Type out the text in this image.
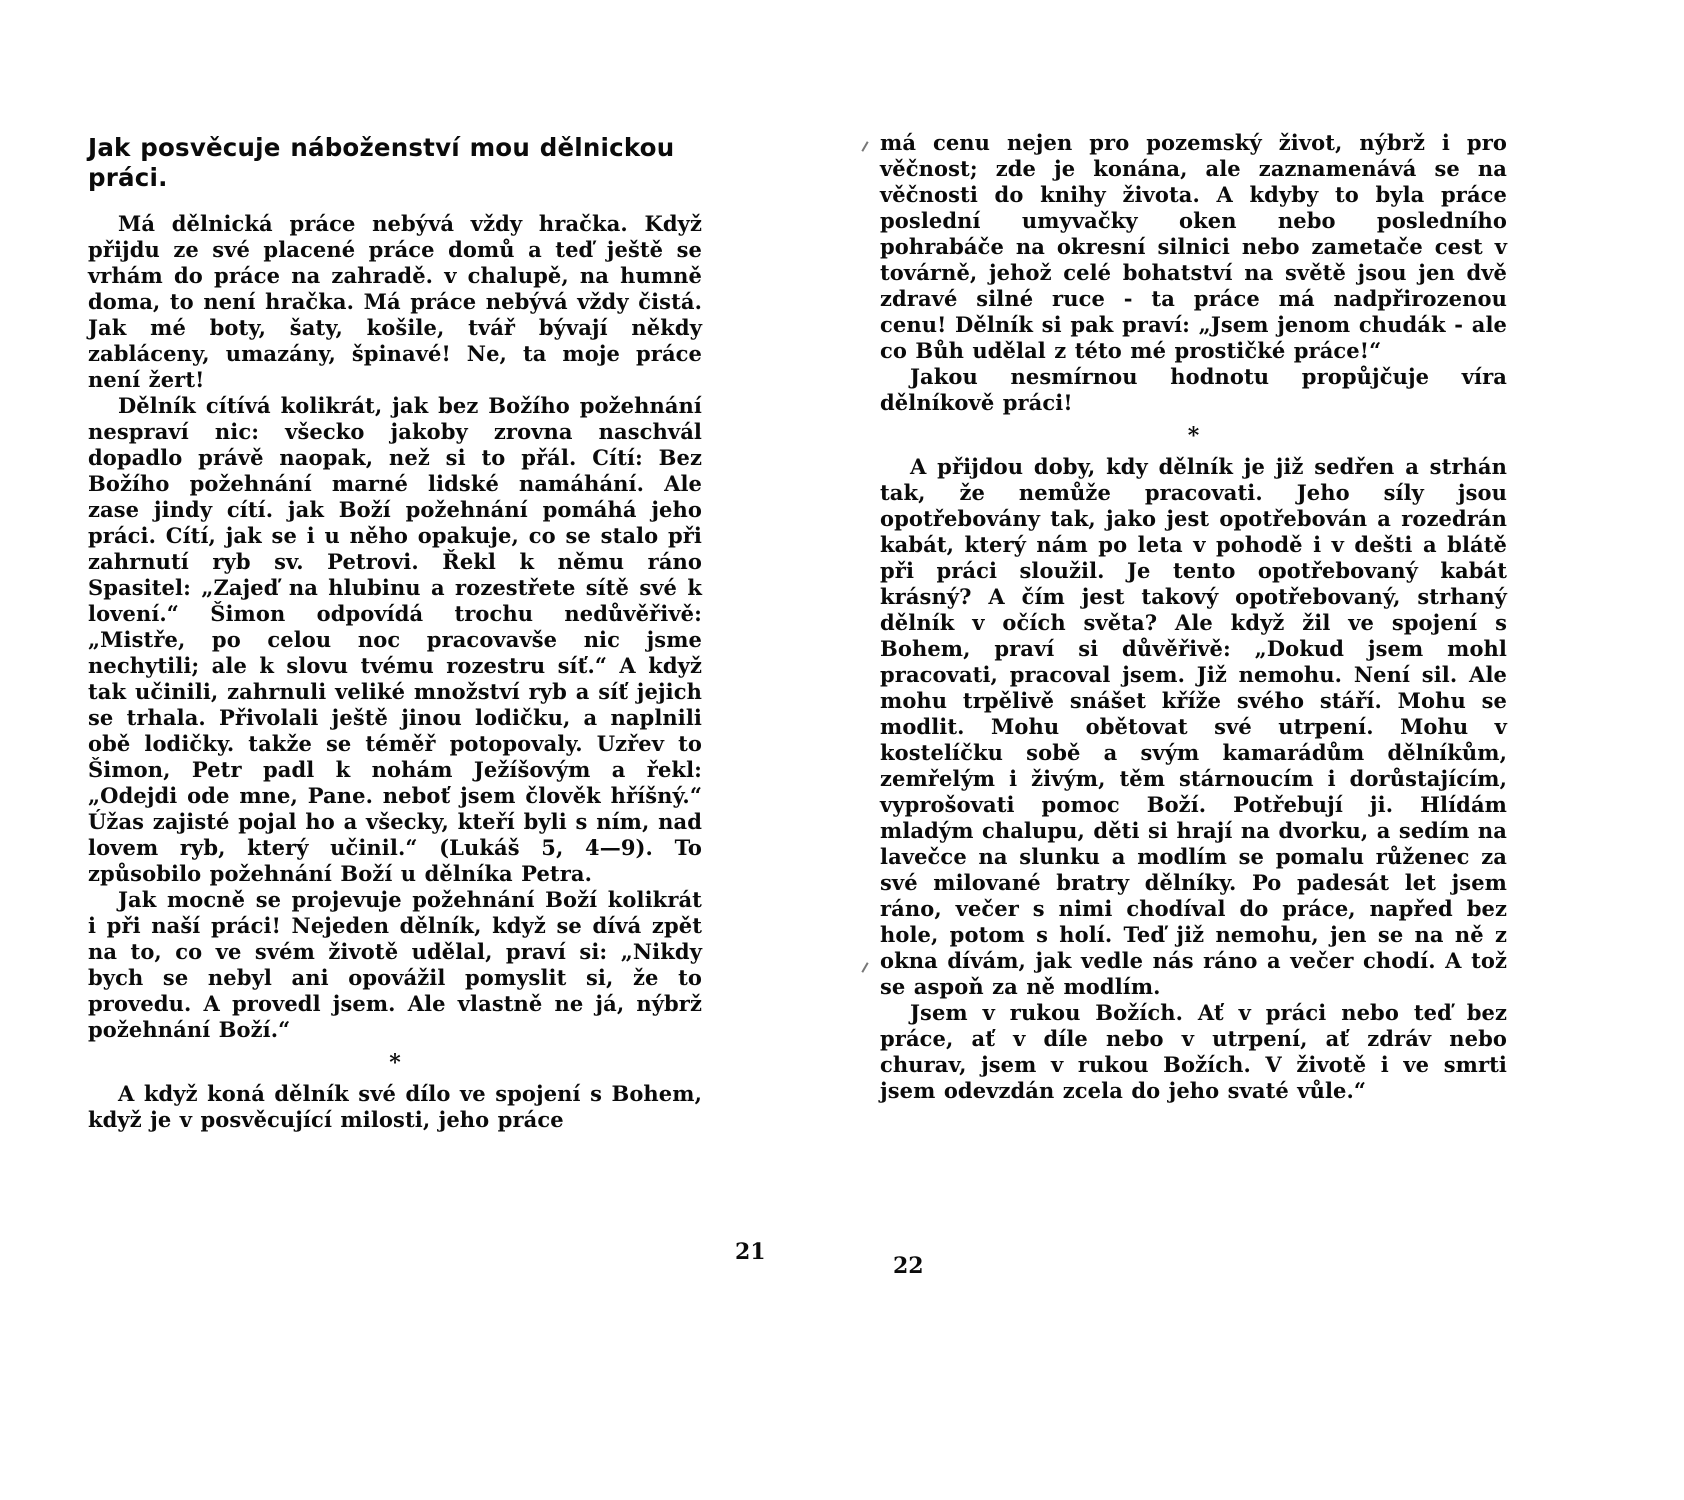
Jak posvěcuje náboženství mou dělnickou práci.

Má dělnická práce nebývá vždy hračka. Když přijdu ze své placené práce domů a teď ještě se vrhám do práce na zahradě. v chalupě, na humně doma, to není hračka. Má práce nebývá vždy čistá. Jak mé boty, šaty, košile, tvář bývají někdy zabláceny, umazány, špinavé! Ne, ta moje práce není žert!

Dělník cítívá kolikrát, jak bez Božího požehnání nespraví nic: všecko jakoby zrovna naschvál dopadlo právě naopak, než si to přál. Cítí: Bez Božího požehnání marné lidské namáhání. Ale zase jindy cítí. jak Boží požehnání pomáhá jeho práci. Cítí, jak se i u něho opakuje, co se stalo při zahrnutí ryb sv. Petrovi. Řekl k němu ráno Spasitel: „Zajeď na hlubinu a rozestřete sítě své k lovení.“ Šimon odpovídá trochu nedůvěřivě: „Mistře, po celou noc pracovavše nic jsme nechytili; ale k slovu tvému rozestru síť.“ A když tak učinili, zahrnuli veliké množství ryb a síť jejich se trhala. Přivolali ještě jinou lodičku, a naplnili obě lodičky. takže se téměř potopovaly. Uzřev to Šimon, Petr padl k nohám Ježíšovým a řekl: „Odejdi ode mne, Pane. neboť jsem člověk hříšný.“ Úžas zajisté pojal ho a všecky, kteří byli s ním, nad lovem ryb, který učinil.“ (Lukáš 5, 4—9). To způsobilo požehnání Boží u dělníka Petra.

Jak mocně se projevuje požehnání Boží kolikrát i při naší práci! Nejeden dělník, když se dívá zpět na to, co ve svém životě udělal, praví si: „Nikdy bych se nebyl ani opovážil pomyslit si, že to provedu. A provedl jsem. Ale vlastně ne já, nýbrž požehnání Boží.“

*

A když koná dělník své dílo ve spojení s Bohem, když je v posvěcující milosti, jeho práce

má cenu nejen pro pozemský život, nýbrž i pro věčnost; zde je konána, ale zaznamenává se na věčnosti do knihy života. A kdyby to byla práce poslední umyvačky oken nebo posledního pohrabáče na okresní silnici nebo zametače cest v továrně, jehož celé bohatství na světě jsou jen dvě zdravé silné ruce - ta práce má nadpřirozenou cenu! Dělník si pak praví: „Jsem jenom chudák - ale co Bůh udělal z této mé prostičké práce!“

Jakou nesmírnou hodnotu propůjčuje víra dělníkově práci!

*

A přijdou doby, kdy dělník je již sedřen a strhán tak, že nemůže pracovati. Jeho síly jsou opotřebovány tak, jako jest opotřebován a rozedrán kabát, který nám po leta v pohodě i v dešti a blátě při práci sloužil. Je tento opotřebovaný kabát krásný? A čím jest takový opotřebovaný, strhaný dělník v očích světa? Ale když žil ve spojení s Bohem, praví si důvěřivě: „Dokud jsem mohl pracovati, pracoval jsem. Již nemohu. Není sil. Ale mohu trpělivě snášet kříže svého stáří. Mohu se modlit. Mohu obětovat své utrpení. Mohu v kostelíčku sobě a svým kamarádům dělníkům, zemřelým i živým, těm stárnoucím i dorůstajícím, vyprošovati pomoc Boží. Potřebují ji. Hlídám mladým chalupu, děti si hrají na dvorku, a sedím na lavečce na slunku a modlím se pomalu růženec za své milované bratry dělníky. Po padesát let jsem ráno, večer s nimi chodíval do práce, napřed bez hole, potom s holí. Teď již nemohu, jen se na ně z okna dívám, jak vedle nás ráno a večer chodí. A tož se aspoň za ně modlím.

Jsem v rukou Božích. Ať v práci nebo teď bez práce, ať v díle nebo v utrpení, ať zdráv nebo churav, jsem v rukou Božích. V životě i ve smrti jsem odevzdán zcela do jeho svaté vůle.“

21
22
